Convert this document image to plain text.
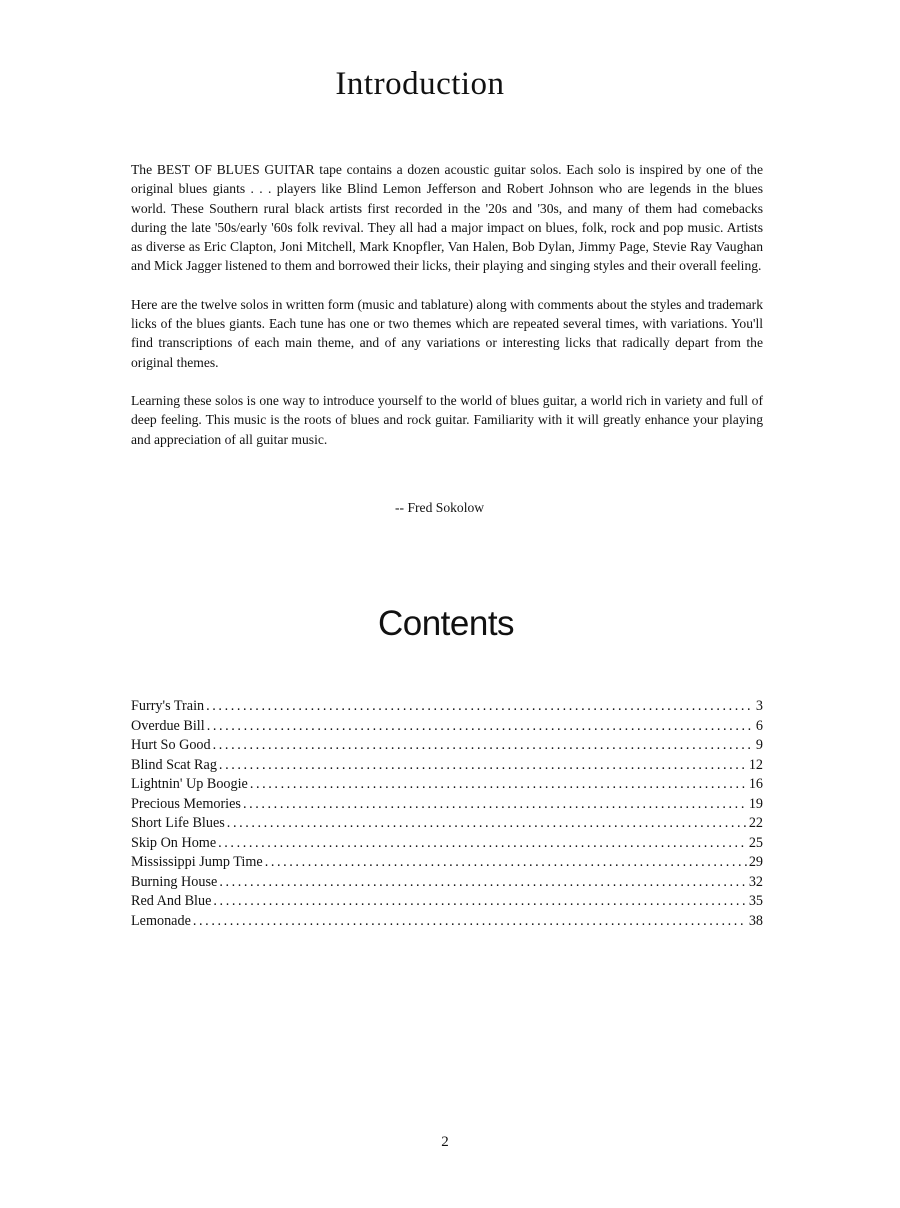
Introduction

The BEST OF BLUES GUITAR tape contains a dozen acoustic guitar solos. Each solo is inspired by one of the original blues giants . . . players like Blind Lemon Jefferson and Robert Johnson who are legends in the blues world. These Southern rural black artists first recorded in the '20s and '30s, and many of them had comebacks during the late '50s/early '60s folk revival. They all had a major impact on blues, folk, rock and pop music. Artists as diverse as Eric Clapton, Joni Mitchell, Mark Knopfler, Van Halen, Bob Dylan, Jimmy Page, Stevie Ray Vaughan and Mick Jagger listened to them and borrowed their licks, their playing and singing styles and their overall feeling.

Here are the twelve solos in written form (music and tablature) along with comments about the styles and trademark licks of the blues giants. Each tune has one or two themes which are repeated several times, with variations. You'll find transcriptions of each main theme, and of any variations or interesting licks that radically depart from the original themes.

Learning these solos is one way to introduce yourself to the world of blues guitar, a world rich in variety and full of deep feeling. This music is the roots of blues and rock guitar. Familiarity with it will greatly enhance your playing and appreciation of all guitar music.

-- Fred Sokolow
Contents
Furry's Train .....	3
Overdue Bill .....	6
Hurt So Good .....	9
Blind Scat Rag .....	12
Lightnin' Up Boogie .....	16
Precious Memories .....	19
Short Life Blues .....	22
Skip On Home .....	25
Mississippi Jump Time .....	29
Burning House .....	32
Red And Blue .....	35
Lemonade .....	38
2
